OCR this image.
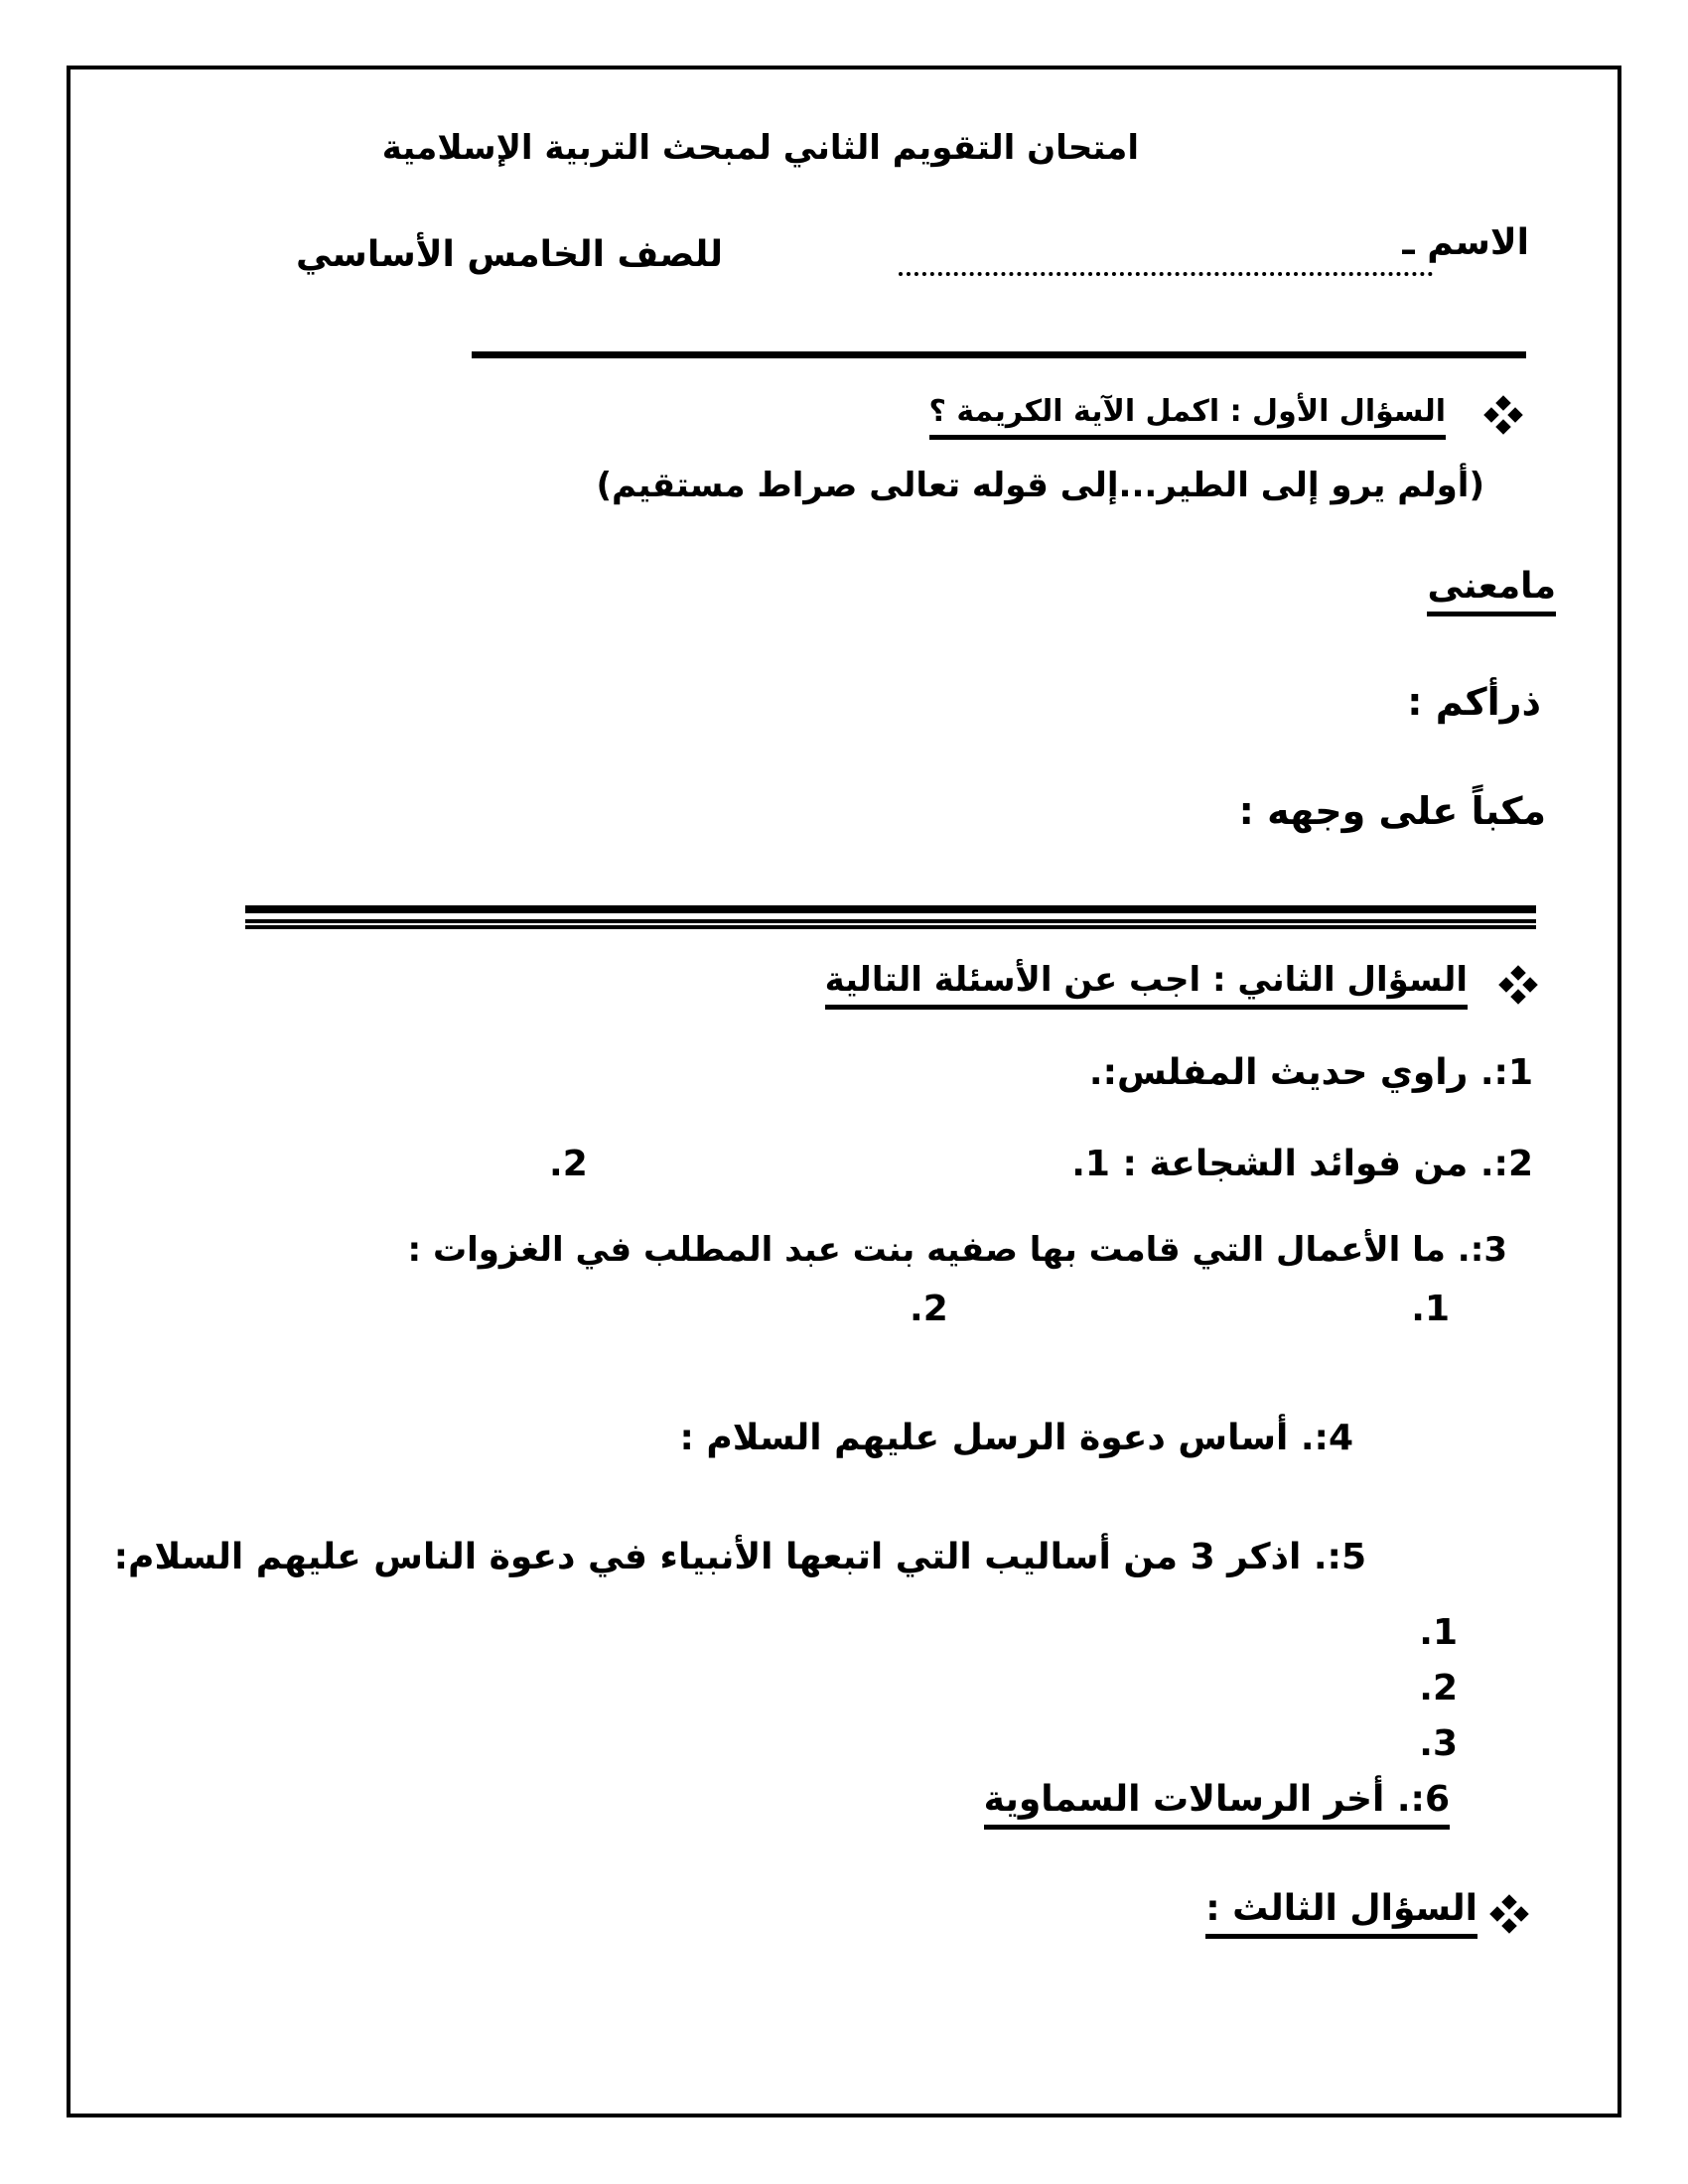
امتحان التقويم الثاني لمبحث التربية الإسلامية
الاسم ـ
للصف الخامس الأساسي
السؤال الأول : اكمل الآية الكريمة ؟
(أولم يرو إلى الطير...إلى قوله تعالى صراط مستقيم)
مامعنى
ذرأكم :
مكباً على وجهه :
السؤال الثاني : اجب عن الأسئلة التالية
1:. راوي حديث المفلس:.
2:. من فوائد الشجاعة : 1.
2.
3:. ما الأعمال التي قامت بها صفيه بنت عبد المطلب في الغزوات :
1.
2.
4:. أساس دعوة الرسل عليهم السلام :
5:. اذكر 3 من أساليب التي اتبعها الأنبياء في دعوة الناس عليهم السلام:
1.
2.
3.
6:. أخر الرسالات السماوية
السؤال الثالث :
